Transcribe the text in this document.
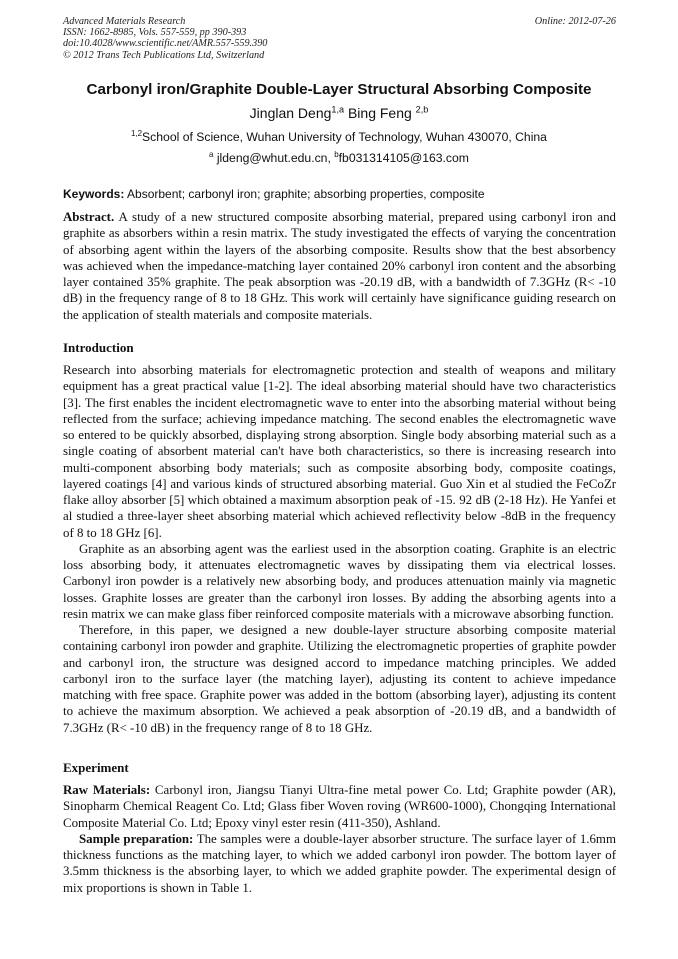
Advanced Materials Research	Online: 2012-07-26
ISSN: 1662-8985, Vols. 557-559, pp 390-393
doi:10.4028/www.scientific.net/AMR.557-559.390
© 2012 Trans Tech Publications Ltd, Switzerland
Carbonyl iron/Graphite Double-Layer Structural Absorbing Composite
Jinglan Deng$^{1,a}$ Bing Feng $^{2,b}$
$^{1,2}$School of Science, Wuhan University of Technology, Wuhan 430070, China
$^a$ jldeng@whut.edu.cn, $^b$fb031314105@163.com
Keywords: Absorbent; carbonyl iron; graphite; absorbing properties, composite

Abstract. A study of a new structured composite absorbing material, prepared using carbonyl iron and graphite as absorbers within a resin matrix. The study investigated the effects of varying the concentration of absorbing agent within the layers of the absorbing composite. Results show that the best absorbency was achieved when the impedance-matching layer contained 20% carbonyl iron content and the absorbing layer contained 35% graphite. The peak absorption was -20.19 dB, with a bandwidth of 7.3GHz (R< -10 dB) in the frequency range of 8 to 18 GHz. This work will certainly have significance guiding research on the application of stealth materials and composite materials.

Introduction

Research into absorbing materials for electromagnetic protection and stealth of weapons and military equipment has a great practical value [1-2]. The ideal absorbing material should have two characteristics [3]. The first enables the incident electromagnetic wave to enter into the absorbing material without being reflected from the surface; achieving impedance matching. The second enables the electromagnetic wave so entered to be quickly absorbed, displaying strong absorption. Single body absorbing material such as a single coating of absorbent material can't have both characteristics, so there is increasing research into multi-component absorbing body materials; such as composite absorbing body, composite coatings, layered coatings [4] and various kinds of structured absorbing material. Guo Xin et al studied the FeCoZr flake alloy absorber [5] which obtained a maximum absorption peak of -15. 92 dB (2-18 Hz). He Yanfei et al studied a three-layer sheet absorbing material which achieved reflectivity below -8dB in the frequency of 8 to 18 GHz [6].

Graphite as an absorbing agent was the earliest used in the absorption coating. Graphite is an electric loss absorbing body, it attenuates electromagnetic waves by dissipating them via electrical losses. Carbonyl iron powder is a relatively new absorbing body, and produces attenuation mainly via magnetic losses. Graphite losses are greater than the carbonyl iron losses. By adding the absorbing agents into a resin matrix we can make glass fiber reinforced composite materials with a microwave absorbing function.

Therefore, in this paper, we designed a new double-layer structure absorbing composite material containing carbonyl iron powder and graphite. Utilizing the electromagnetic properties of graphite powder and carbonyl iron, the structure was designed accord to impedance matching principles. We added carbonyl iron to the surface layer (the matching layer), adjusting its content to achieve impedance matching with free space. Graphite power was added in the bottom (absorbing layer), adjusting its content to achieve the maximum absorption. We achieved a peak absorption of -20.19 dB, and a bandwidth of 7.3GHz (R< -10 dB) in the frequency range of 8 to 18 GHz.

Experiment

Raw Materials: Carbonyl iron, Jiangsu Tianyi Ultra-fine metal power Co. Ltd; Graphite powder (AR), Sinopharm Chemical Reagent Co. Ltd; Glass fiber Woven roving (WR600-1000), Chongqing International Composite Material Co. Ltd; Epoxy vinyl ester resin (411-350), Ashland.

Sample preparation: The samples were a double-layer absorber structure. The surface layer of 1.6mm thickness functions as the matching layer, to which we added carbonyl iron powder. The bottom layer of 3.5mm thickness is the absorbing layer, to which we added graphite powder. The experimental design of mix proportions is shown in Table 1.
